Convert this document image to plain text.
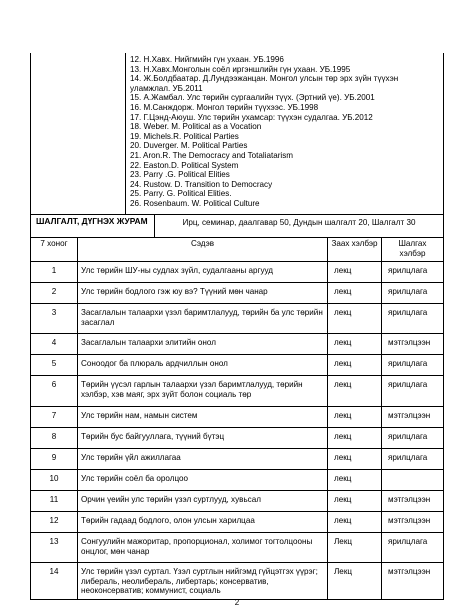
12. Н.Хавх. Нийгмийн гүн ухаан. УБ.1996
13. Н.Хавх.Монголын соёл иргэншлийн гүн ухаан. УБ.1995
14. Ж.Болдбаатар. Д.Лундээжанцан. Монгол улсын төр эрх зүйн түүхэн уламжлал. УБ.2011
15. А.Жамбал. Улс төрийн сургаалийн түүх. (Эртний үе). УБ.2001
16. М.Санждорж. Монгол төрийн түүхээс. УБ.1998
17. Г.Цэнд-Аюуш. Улс төрийн ухамсар: түүхэн судалгаа. УБ.2012
18. Weber. M. Political as a Vocation
19. Michels.R. Political Parties
20. Duverger. M. Political Parties
21. Aron.R. The Democracy and Totaliatarism
22. Easton.D. Political System
23. Parry .G. Political Elities
24. Rustow. D. Transition to Democracy
25. Parry. G. Political Elities.
26. Rosenbaum. W. Political Culture
ШАЛГАЛТ, ДҮГНЭХ ЖУРАМ	Ирц, семинар, даалгавар 50, Дундын шалгалт 20, Шалгалт 30
7 хоног	Сэдэв	Заах хэлбэр	Шалгах хэлбэр
1	Улс төрийн ШУ-ны судлах зүйл, судалгааны аргууд	лекц	ярилцлага
2	Улс төрийн бодлого гэж юу вэ? Түүний мөн чанар	лекц	ярилцлага
3	Засаглалын талаархи үзэл баримтлалууд, төрийн ба улс төрийн засаглал	лекц	ярилцлага
4	Засаглалын талаархи элитийн онол	лекц	мэтгэлцээн
5	Соноодог ба плюраль ардчиллын онол	лекц	ярилцлага
6	Төрийн үүсэл гарлын талаархи үзэл баримтлалууд, төрийн хэлбэр, хэв маяг, эрх зүйт болон социаль төр	лекц	ярилцлага
7	Улс төрийн нам, намын систем	лекц	мэтгэлцээн
8	Төрийн бус байгууллага, түүний бүтэц	лекц	ярилцлага
9	Улс төрийн үйл ажиллагаа	лекц	ярилцлага
10	Улс төрийн соёл ба оролцоо	лекц	
11	Орчин үеийн улс төрийн үзэл суртлууд, хувьсал	лекц	мэтгэлцээн
12	Төрийн гадаад бодлого, олон улсын харилцаа	лекц	мэтгэлцээн
13	Сонгуулийн мажоритар, пропорционал, холимог тогтолцооны онцлог, мөн чанар	Лекц	ярилцлага
14	Улс төрийн үзэл суртал. Үзэл суртлын нийгэмд гүйцэтгэх үүрэг; либерaль, неолиберaль, либертарь; консерватив, неоконсерватив; коммунист, социаль	Лекц	мэтгэлцээн
2
